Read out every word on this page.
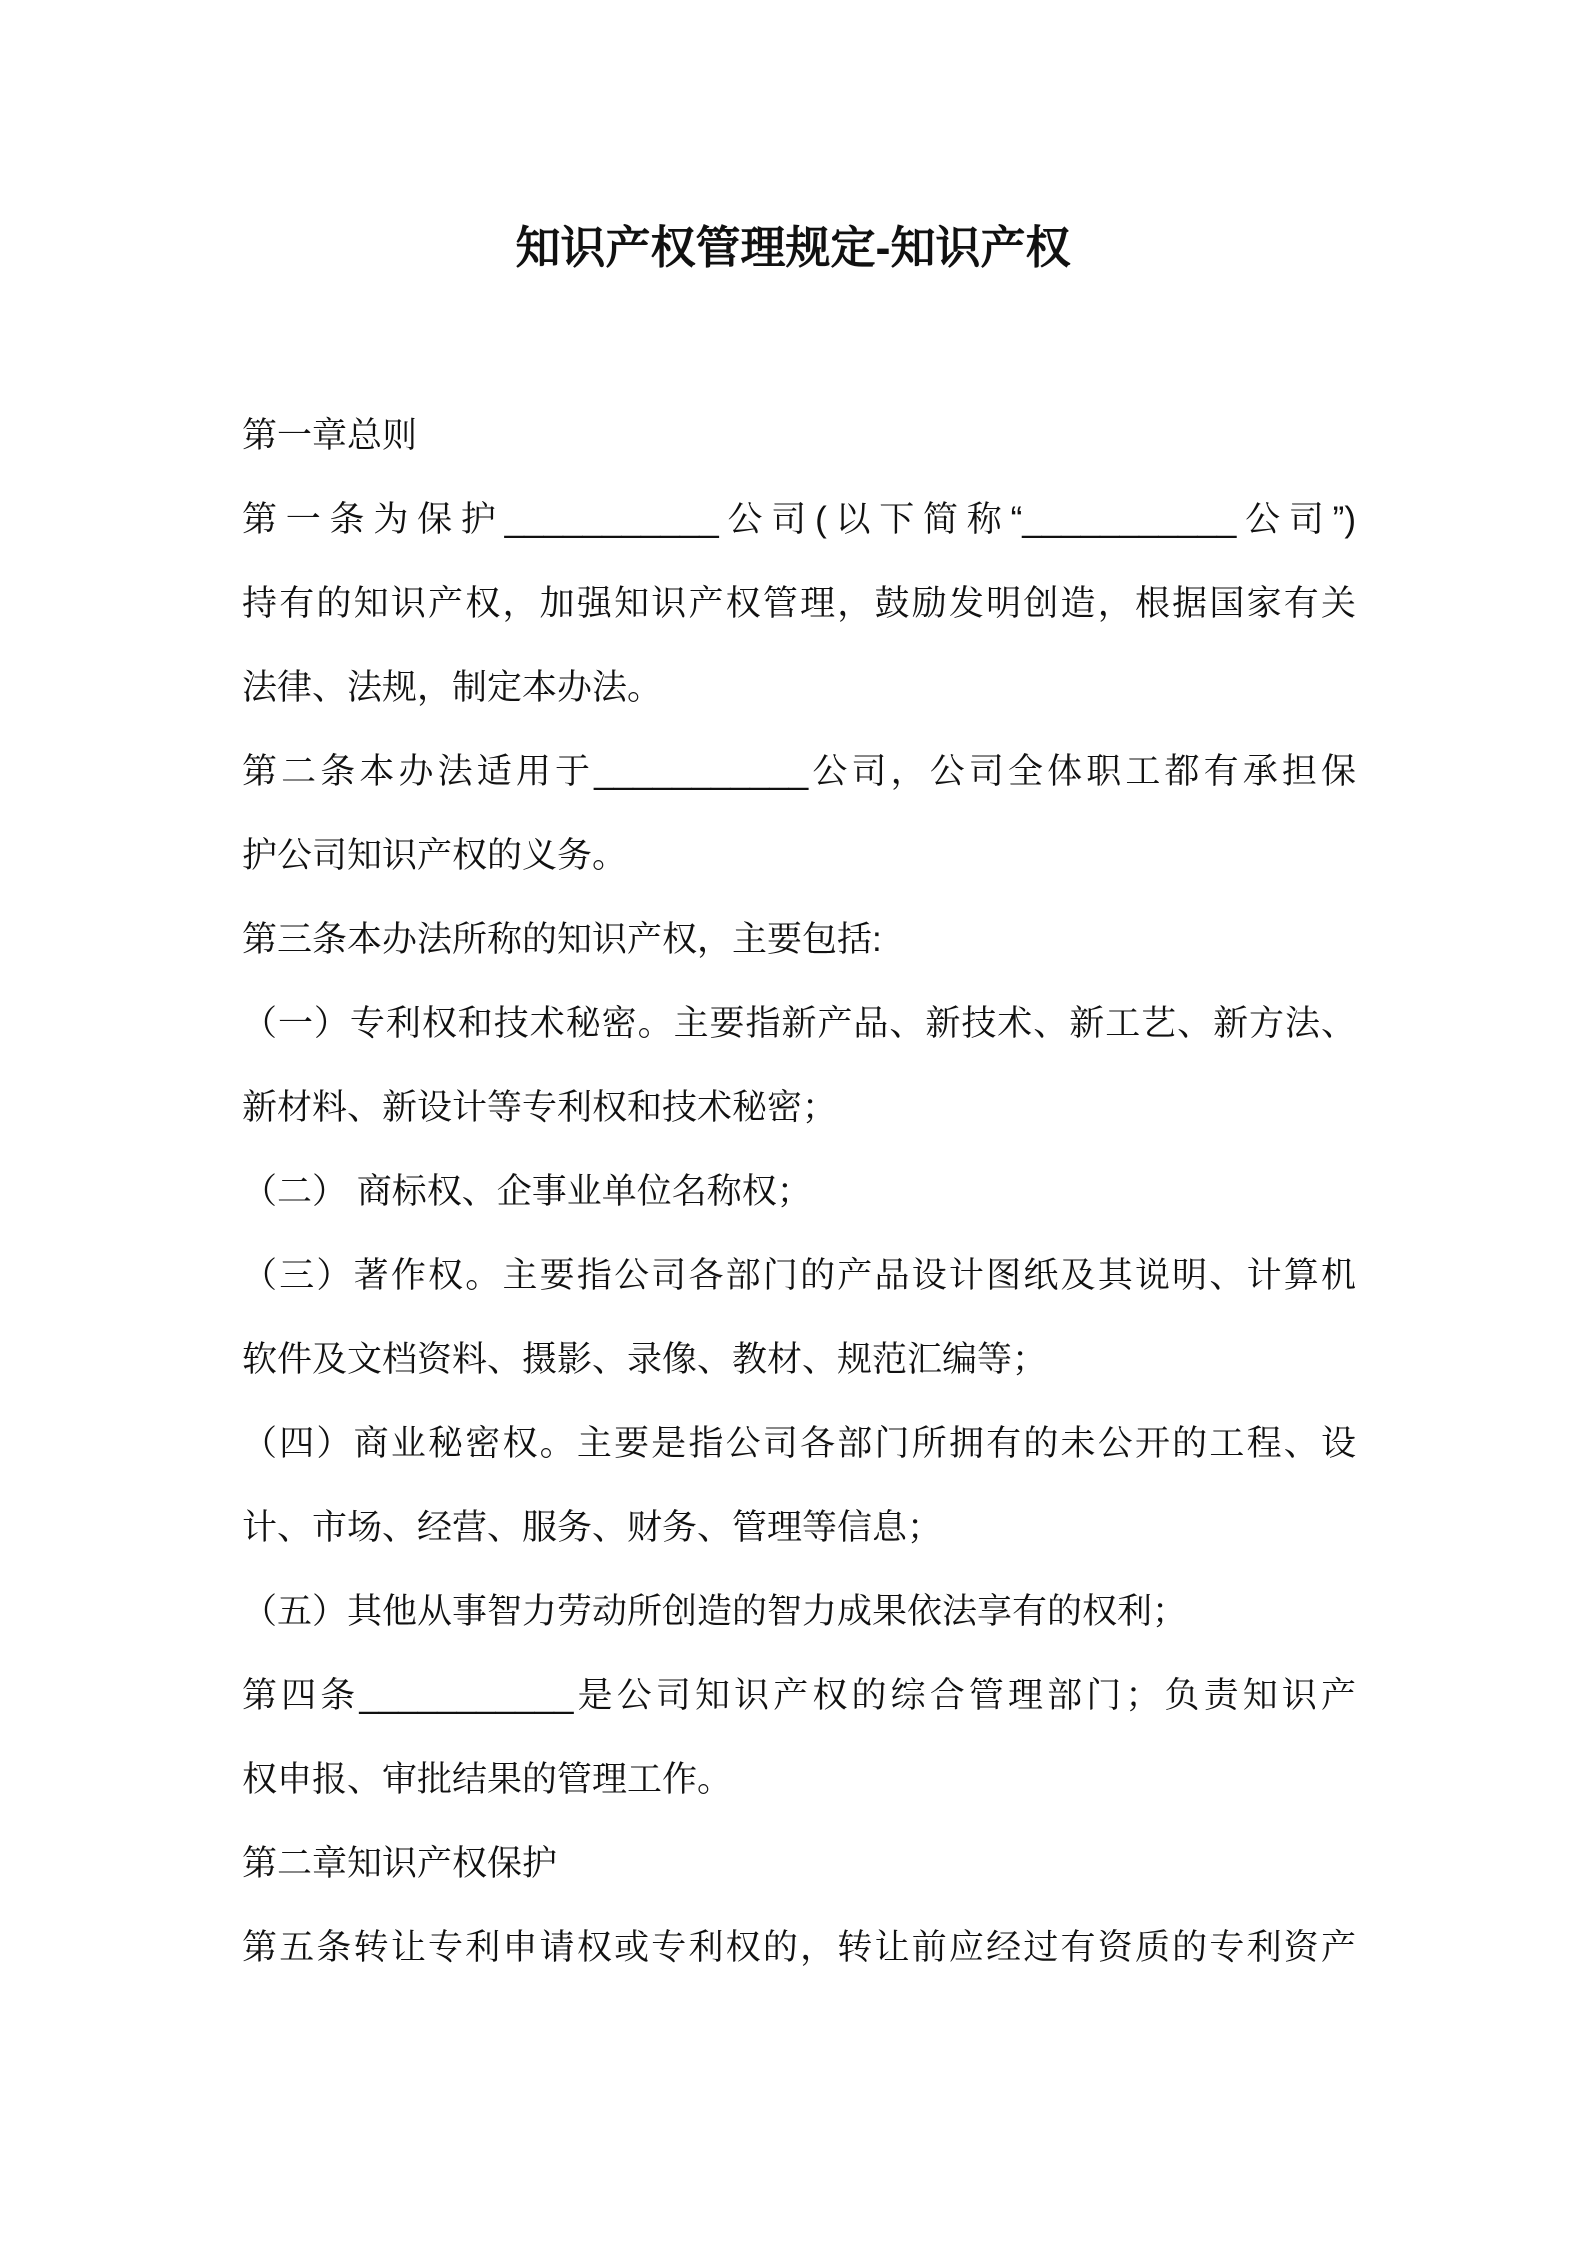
知识产权管理规定-知识产权
第一章总则
第一条为保护___________公司(以下简称“___________公司”)
持有的知识产权，加强知识产权管理，鼓励发明创造，根据国家有关
法律、法规，制定本办法。
第二条本办法适用于___________公司，公司全体职工都有承担保
护公司知识产权的义务。
第三条本办法所称的知识产权，主要包括:
（一）专利权和技术秘密。主要指新产品、新技术、新工艺、新方法、
新材料、新设计等专利权和技术秘密；
（二） 商标权、企事业单位名称权；
（三）著作权。主要指公司各部门的产品设计图纸及其说明、计算机
软件及文档资料、摄影、录像、教材、规范汇编等；
（四）商业秘密权。主要是指公司各部门所拥有的未公开的工程、设
计、市场、经营、服务、财务、管理等信息；
（五）其他从事智力劳动所创造的智力成果依法享有的权利；
第四条___________是公司知识产权的综合管理部门；负责知识产
权申报、审批结果的管理工作。
第二章知识产权保护
第五条转让专利申请权或专利权的，转让前应经过有资质的专利资产
